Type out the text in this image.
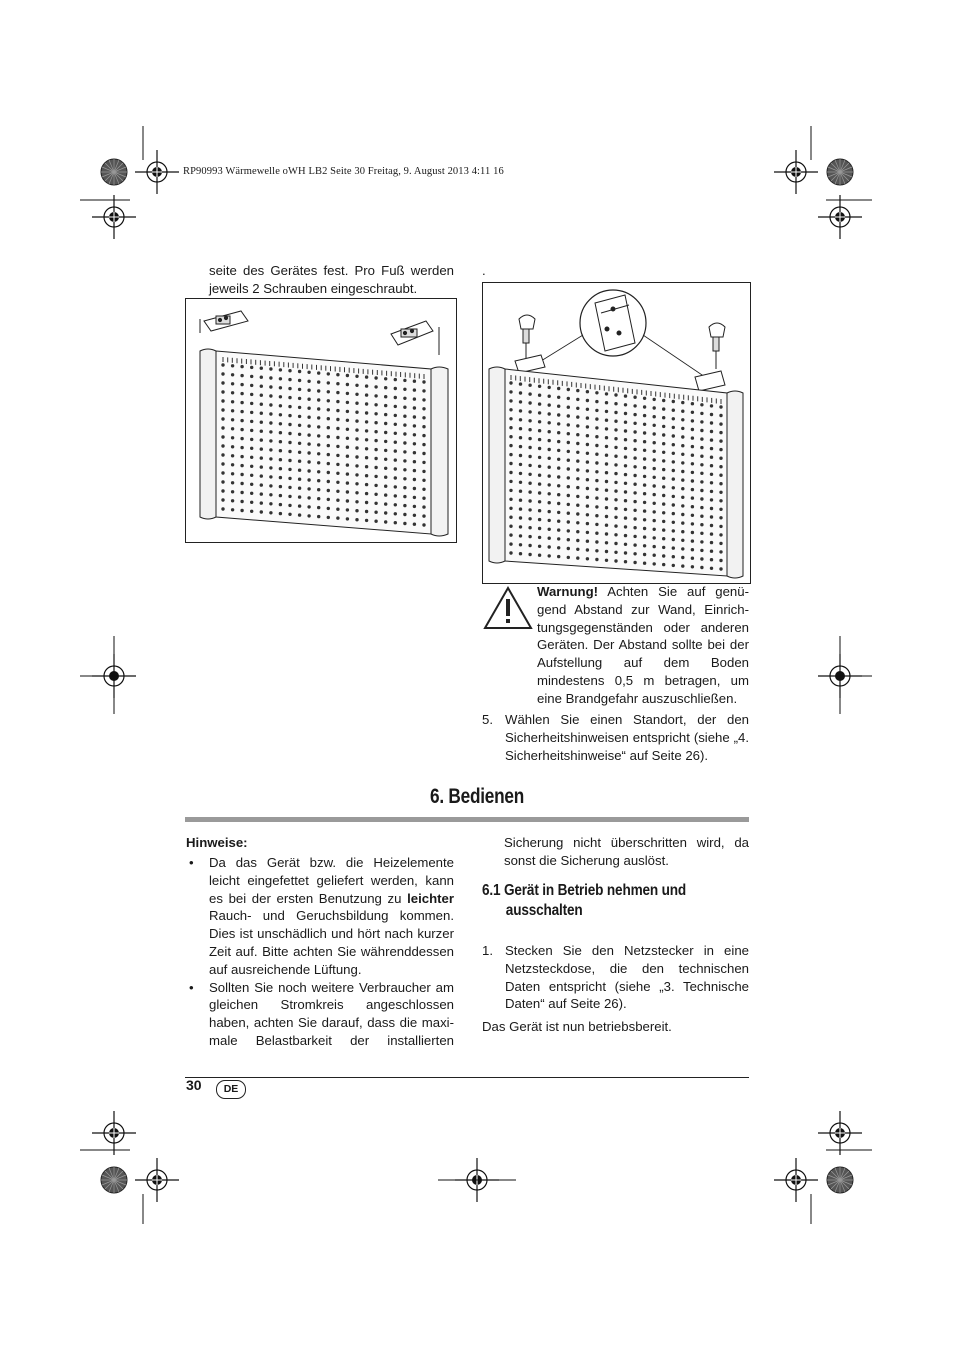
RP90993 Wärmewelle oWH LB2 Seite 30 Freitag, 9. August 2013 4:11 16
seite des Gerätes fest. Pro Fuß werden
jeweils 2 Schrauben eingeschraubt.
.
Warnung! Achten Sie auf genü-gend Abstand zur Wand, Einrich-tungsgegenständen oder anderen Geräten. Der Abstand sollte bei der Aufstellung auf dem Boden mindestens 0,5 m betragen, um eine Brandgefahr auszuschließen.
5. Wählen Sie einen Standort, der den Sicherheitshinweisen entspricht (siehe „4. Sicherheitshinweise“ auf Seite 26).
6. Bedienen
Hinweise:
• Da das Gerät bzw. die Heizelemente leicht eingefettet geliefert werden, kann es bei der ersten Benutzung zu leichter Rauch- und Geruchsbildung kommen. Dies ist unschädlich und hört nach kurzer Zeit auf. Bitte achten Sie währenddessen auf ausreichende Lüftung.
• Sollten Sie noch weitere Verbraucher am gleichen Stromkreis angeschlossen haben, achten Sie darauf, dass die maxi-male Belastbarkeit der installierten
Sicherung nicht überschritten wird, da sonst die Sicherung auslöst.
6.1 Gerät in Betrieb nehmen und
ausschalten
1. Stecken Sie den Netzstecker in eine Netzsteckdose, die den technischen Daten entspricht (siehe „3. Technische Daten“ auf Seite 26).
Das Gerät ist nun betriebsbereit.
30	DE
